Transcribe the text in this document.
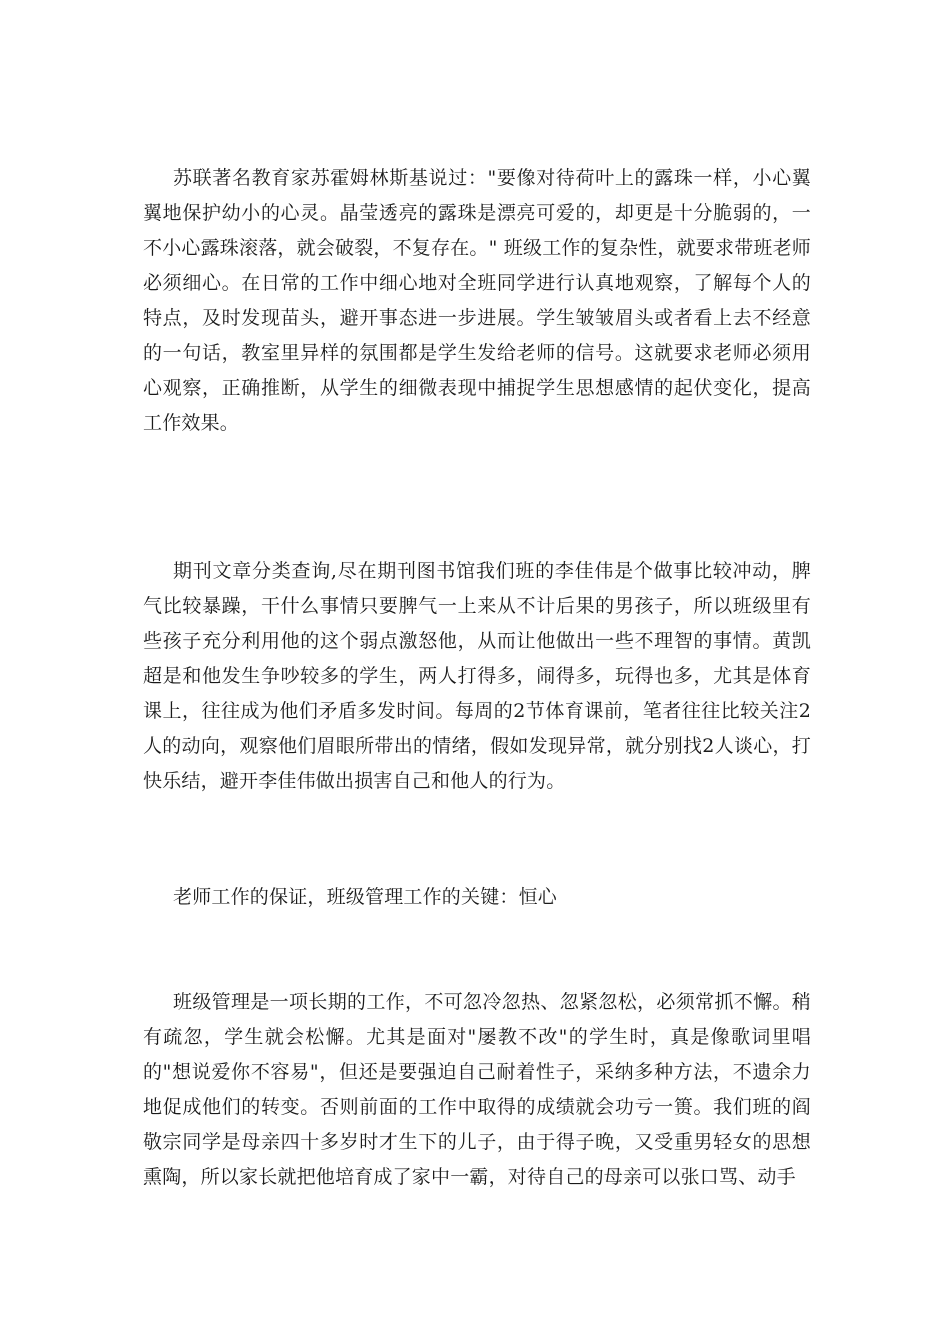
苏联著名教育家苏霍姆林斯基说过："要像对待荷叶上的露珠一样，小心翼翼地保护幼小的心灵。晶莹透亮的露珠是漂亮可爱的，却更是十分脆弱的，一不小心露珠滚落，就会破裂，不复存在。" 班级工作的复杂性，就要求带班老师必须细心。在日常的工作中细心地对全班同学进行认真地观察，了解每个人的特点，及时发现苗头，避开事态进一步进展。学生皱皱眉头或者看上去不经意的一句话，教室里异样的氛围都是学生发给老师的信号。这就要求老师必须用心观察，正确推断，从学生的细微表现中捕捉学生思想感情的起伏变化，提高工作效果。

期刊文章分类查询,尽在期刊图书馆我们班的李佳伟是个做事比较冲动，脾气比较暴躁，干什么事情只要脾气一上来从不计后果的男孩子，所以班级里有些孩子充分利用他的这个弱点激怒他，从而让他做出一些不理智的事情。黄凯超是和他发生争吵较多的学生，两人打得多，闹得多，玩得也多，尤其是体育课上，往往成为他们矛盾多发时间。每周的2节体育课前，笔者往往比较关注2人的动向，观察他们眉眼所带出的情绪，假如发现异常，就分别找2人谈心，打快乐结，避开李佳伟做出损害自己和他人的行为。

老师工作的保证，班级管理工作的关键：恒心

班级管理是一项长期的工作，不可忽冷忽热、忽紧忽松，必须常抓不懈。稍有疏忽，学生就会松懈。尤其是面对"屡教不改"的学生时，真是像歌词里唱的"想说爱你不容易"，但还是要强迫自己耐着性子，采纳多种方法，不遗余力地促成他们的转变。否则前面的工作中取得的成绩就会功亏一篑。我们班的阎敬宗同学是母亲四十多岁时才生下的儿子，由于得子晚，又受重男轻女的思想熏陶，所以家长就把他培育成了家中一霸，对待自己的母亲可以张口骂、动手
